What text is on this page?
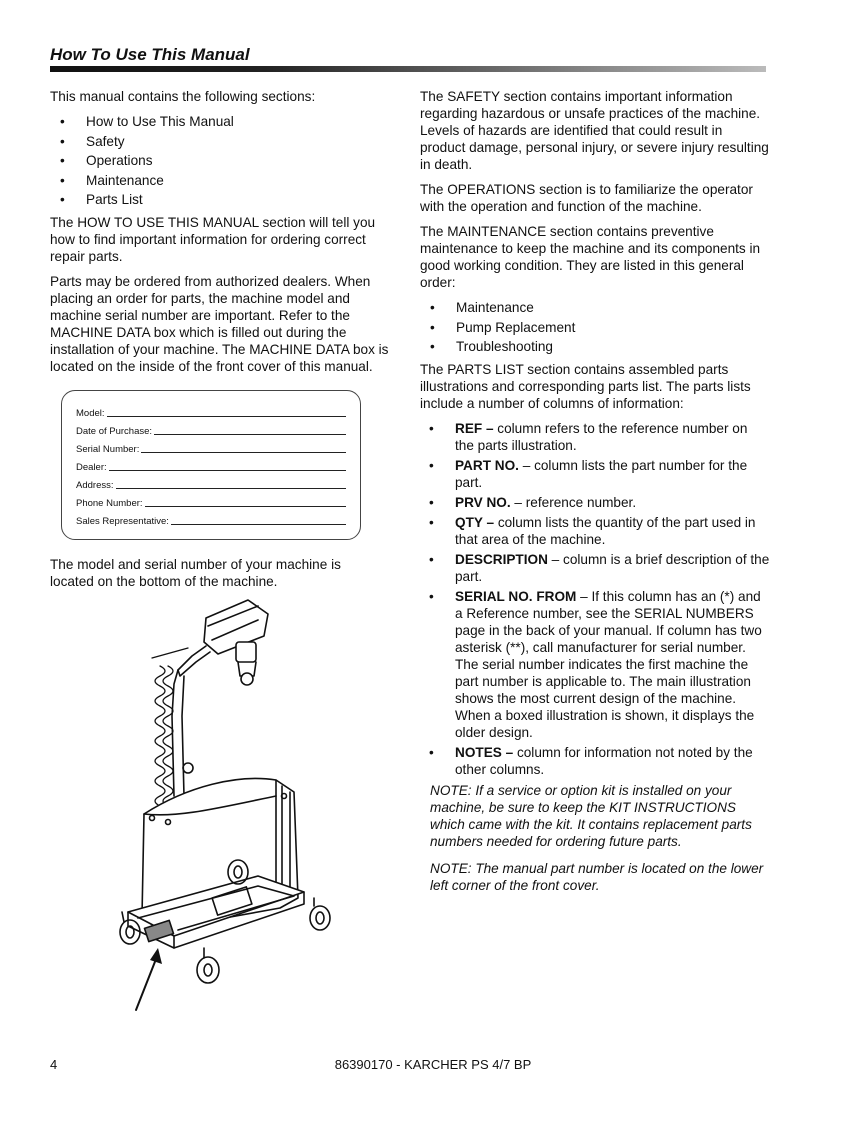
How To Use This Manual

This manual contains the following sections:

• How to Use This Manual
• Safety
• Operations
• Maintenance
• Parts List

The HOW TO USE THIS MANUAL section will tell you how to find important information for ordering correct repair parts.

Parts may be ordered from authorized dealers. When placing an order for parts, the machine model and machine serial number are important. Refer to the MACHINE DATA box which is filled out during the installation of your machine. The MACHINE DATA box is located on the inside of the front cover of this manual.

Model:
Date of Purchase:
Serial Number:
Dealer:
Address:
Phone Number:
Sales Representative:

The model and serial number of your machine is located on the bottom of the machine.

The SAFETY section contains important information regarding hazardous or unsafe practices of the machine. Levels of hazards are identified that could result in product damage, personal injury, or severe injury resulting in death.

The OPERATIONS section is to familiarize the operator with the operation and function of the machine.

The MAINTENANCE section contains preventive maintenance to keep the machine and its components in good working condition. They are listed in this general order:

• Maintenance
• Pump Replacement
• Troubleshooting

The PARTS LIST section contains assembled parts illustrations and corresponding parts list. The parts lists include a number of columns of information:

• REF – column refers to the reference number on the parts illustration.
• PART NO. – column lists the part number for the part.
• PRV NO. – reference number.
• QTY – column lists the quantity of the part used in that area of the machine.
• DESCRIPTION – column is a brief description of the part.
• SERIAL NO. FROM – If this column has an (*) and a Reference number, see the SERIAL NUMBERS page in the back of your manual. If column has two asterisk (**), call manufacturer for serial number. The serial number indicates the first machine the part number is applicable to. The main illustration shows the most current design of the machine. When a boxed illustration is shown, it displays the older design.
• NOTES – column for information not noted by the other columns.

NOTE: If a service or option kit is installed on your machine, be sure to keep the KIT INSTRUCTIONS which came with the kit. It contains replacement parts numbers needed for ordering future parts.

NOTE: The manual part number is located on the lower left corner of the front cover.

4	86390170 - KARCHER PS 4/7 BP
